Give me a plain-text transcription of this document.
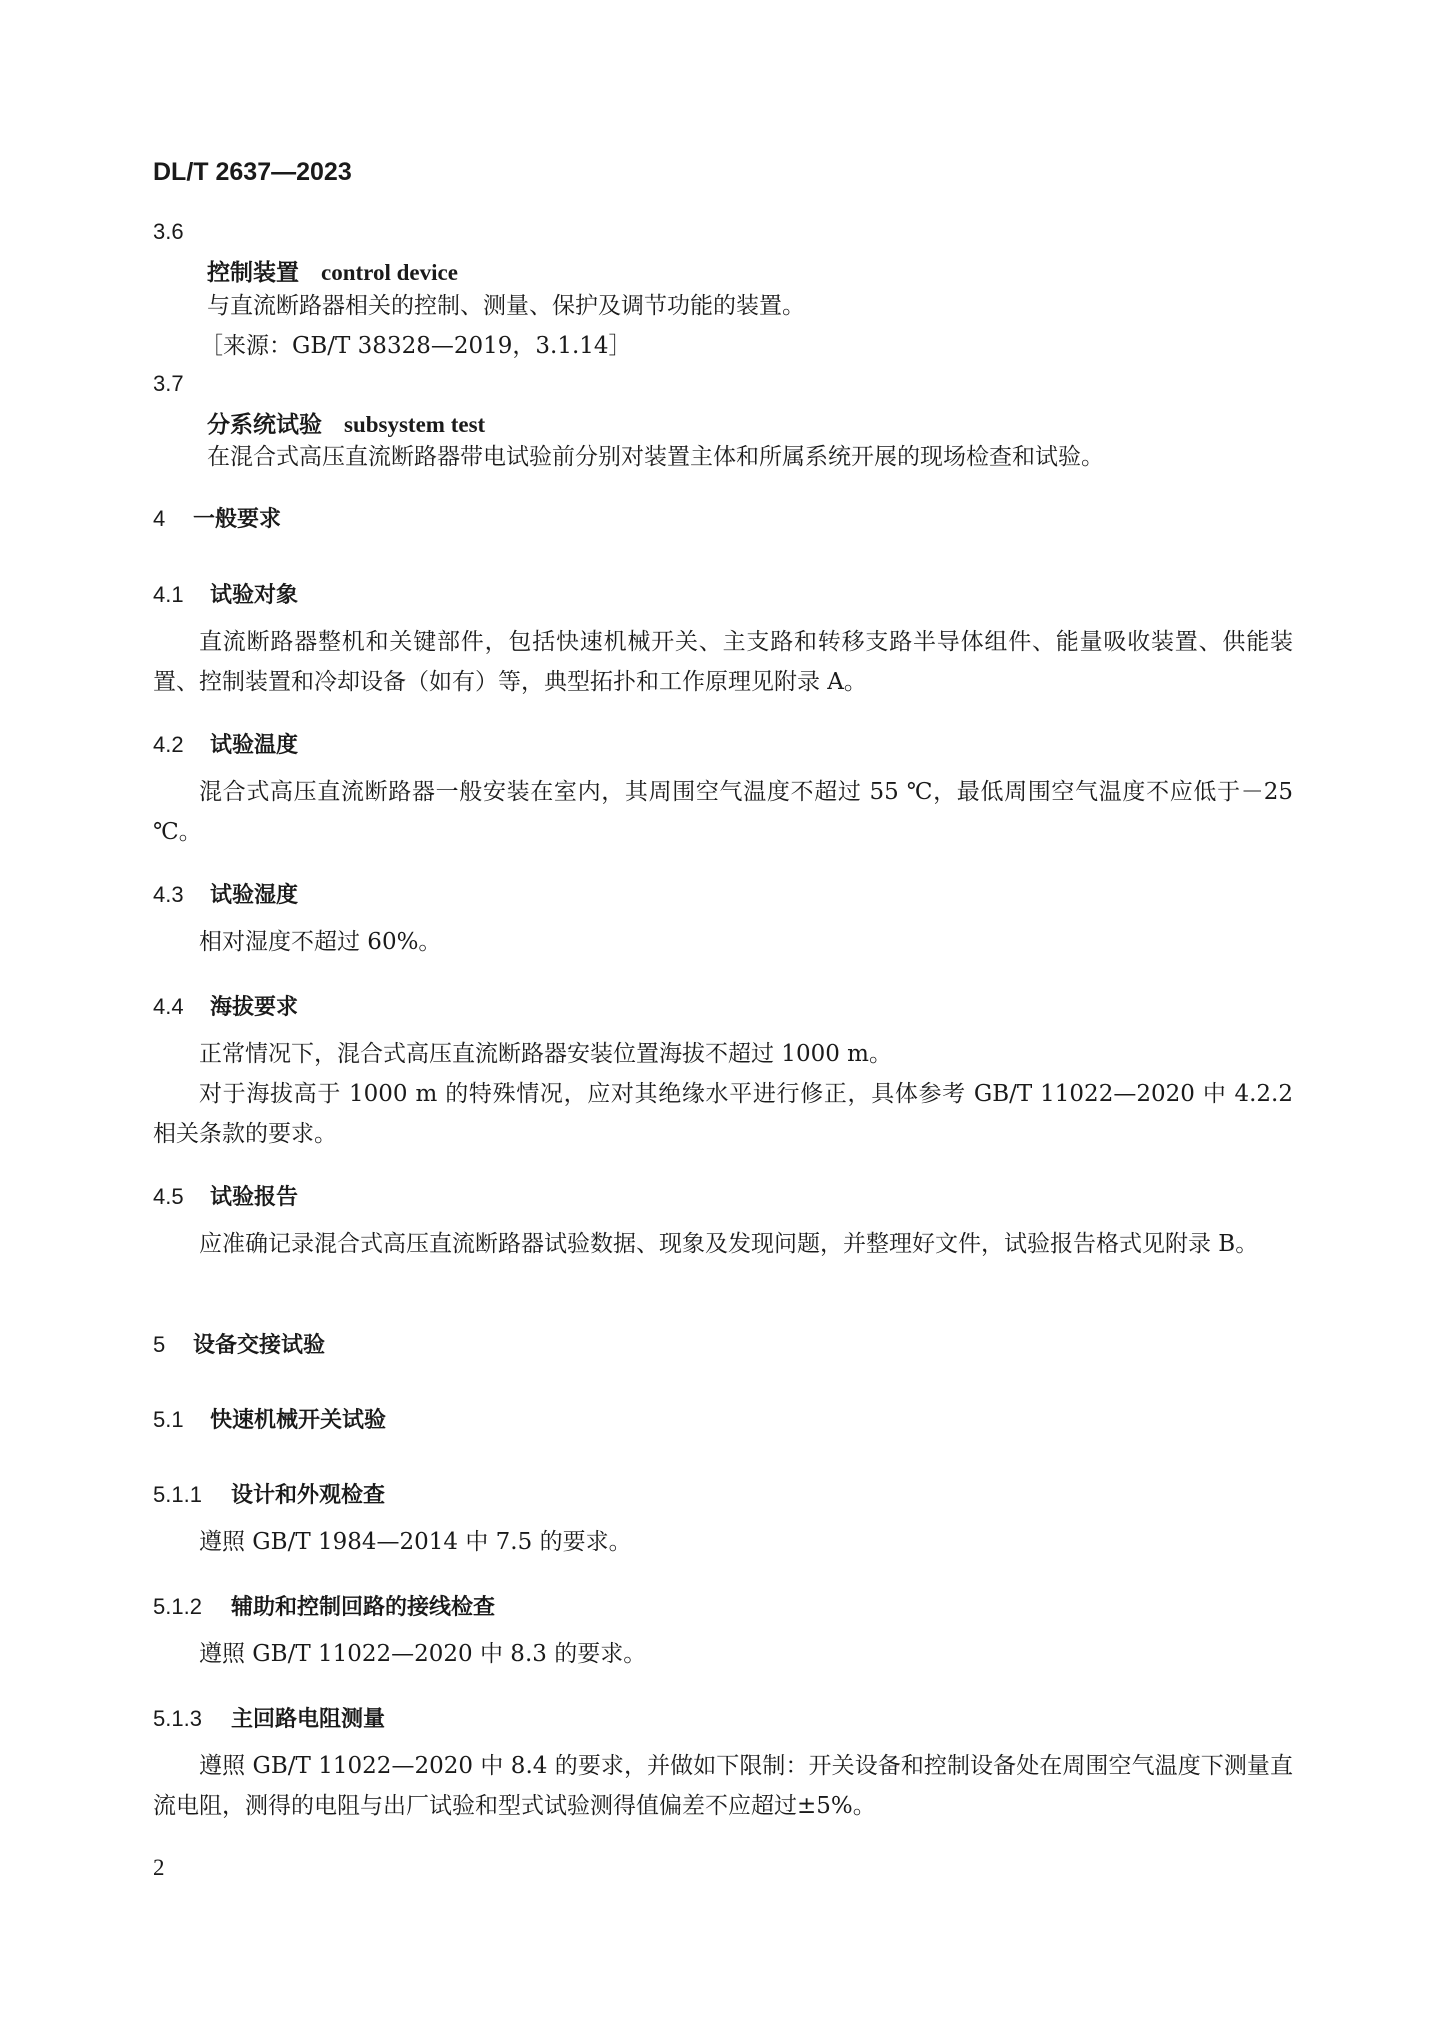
DL/T 2637—2023
3.6
控制装置 control device
与直流断路器相关的控制、测量、保护及调节功能的装置。
［来源：GB/T 38328—2019，3.1.14］
3.7
分系统试验 subsystem test
在混合式高压直流断路器带电试验前分别对装置主体和所属系统开展的现场检查和试验。
4 一般要求
4.1 试验对象
直流断路器整机和关键部件，包括快速机械开关、主支路和转移支路半导体组件、能量吸收装置、供能装置、控制装置和冷却设备（如有）等，典型拓扑和工作原理见附录 A。
4.2 试验温度
混合式高压直流断路器一般安装在室内，其周围空气温度不超过 55 ℃，最低周围空气温度不应低于－25 ℃。
4.3 试验湿度
相对湿度不超过 60%。
4.4 海拔要求
正常情况下，混合式高压直流断路器安装位置海拔不超过 1000 m。
对于海拔高于 1000 m 的特殊情况，应对其绝缘水平进行修正，具体参考 GB/T 11022—2020 中 4.2.2 相关条款的要求。
4.5 试验报告
应准确记录混合式高压直流断路器试验数据、现象及发现问题，并整理好文件，试验报告格式见附录 B。
5 设备交接试验
5.1 快速机械开关试验
5.1.1 设计和外观检查
遵照 GB/T 1984—2014 中 7.5 的要求。
5.1.2 辅助和控制回路的接线检查
遵照 GB/T 11022—2020 中 8.3 的要求。
5.1.3 主回路电阻测量
遵照 GB/T 11022—2020 中 8.4 的要求，并做如下限制：开关设备和控制设备处在周围空气温度下测量直流电阻，测得的电阻与出厂试验和型式试验测得值偏差不应超过±5%。
2
